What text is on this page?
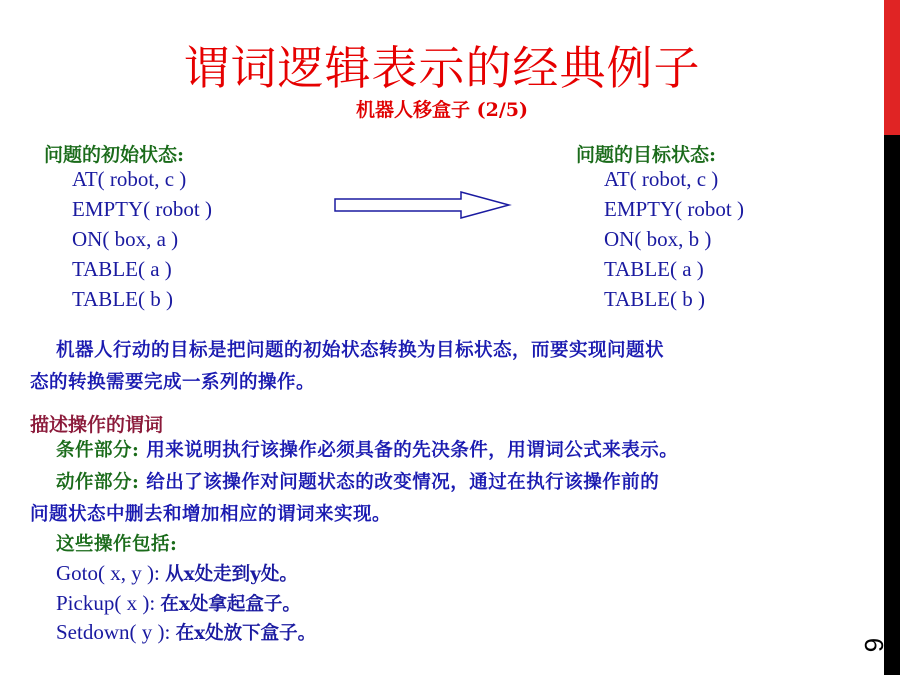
6
谓词逻辑表示的经典例子
机器人移盒子 (2/5)
问题的初始状态:
AT( robot, c )
EMPTY( robot )
ON( box, a )
TABLE( a )
TABLE( b )
问题的目标状态:
AT( robot, c )
EMPTY( robot )
ON( box, b )
TABLE( a )
TABLE( b )
机器人行动的目标是把问题的初始状态转换为目标状态，而要实现问题状
态的转换需要完成一系列的操作。
描述操作的谓词
条件部分: 用来说明执行该操作必须具备的先决条件，用谓词公式来表示。
动作部分: 给出了该操作对问题状态的改变情况，通过在执行该操作前的
问题状态中删去和增加相应的谓词来实现。
这些操作包括:
Goto( x, y ): 从x处走到y处。
Pickup( x ): 在x处拿起盒子。
Setdown( y ): 在x处放下盒子。
